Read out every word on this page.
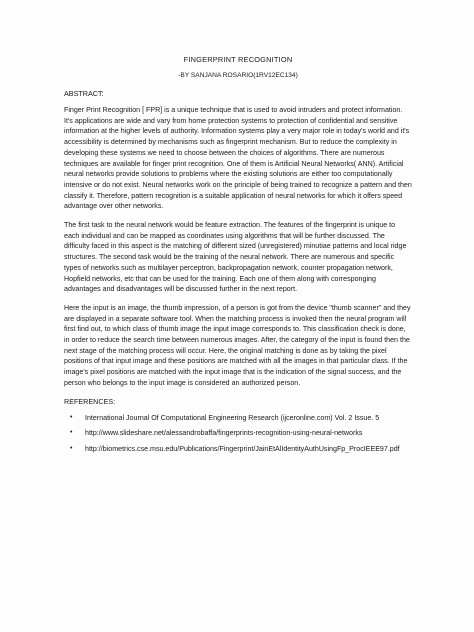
FINGERPRINT RECOGNITION
-BY SANJANA ROSARIO(1RV12EC134)
ABSTRACT:

Finger Print Recognition [ FPR] is a unique technique that is used to avoid intruders and protect information. It's applications are wide and vary from home protection systems to protection of confidential and sensitive information at the higher levels of authority. Information systems play a very major role in today's world and it's accessibility is determined by mechanisms such as fingerprint mechanism. But to reduce the complexity in developing these systems we need to choose between the choices of algorithms. There are numerous techniques are available for finger print recognition. One of them is Artificial Neural Networks( ANN). Artificial neural networks provide solutions to problems where the existing solutions are either too computationally intensive or do not exist. Neural networks work on the principle of being trained to recognize a pattern and then classify it. Therefore, pattern recognition is a suitable application of neural networks for which it offers speed advantage over other networks.

The first task to the neural network would be feature extraction. The features of the fingerprint is unique to each individual and can be mapped as coordinates using algorithms that will be further discussed. The difficulty faced in this aspect is the matching of different sized (unregistered) minutiae patterns and local ridge structures. The second task would be the training of the neural network. There are numerous and specific types of networks such as multilayer perceptron, backpropagation network, counter propagation network, Hopfield networks, etc that can be used for the training. Each one of them along with corresponging advantages and disadvantages will be discussed further in the next report.

Here the input is an image, the thumb impression, of a person is got from the device "thumb scanner" and they are displayed in a separate software tool. When the matching process is invoked then the neural program will first find out, to which class of thumb image the input image corresponds to. This classification check is done, in order to reduce the search time between numerous images. After, the category of the input is found then the next stage of the matching process will occur. Here, the original matching is done as by taking the pixel positions of that input image and these positions are matched with all the images in that particular class. If the image's pixel positions are matched with the input image that is the indication of the signal success, and the person who belongs to the input image is considered an authorized person.

REFERENCES:
• International Journal Of Computational Engineering Research (ijceronline.com) Vol. 2 Issue. 5
• http://www.slideshare.net/alessandrobaffa/fingerprints-recognition-using-neural-networks
• http://biometrics.cse.msu.edu/Publications/Fingerprint/JainEtAlIdentityAuthUsingFp_ProcIEEE97.pdf
